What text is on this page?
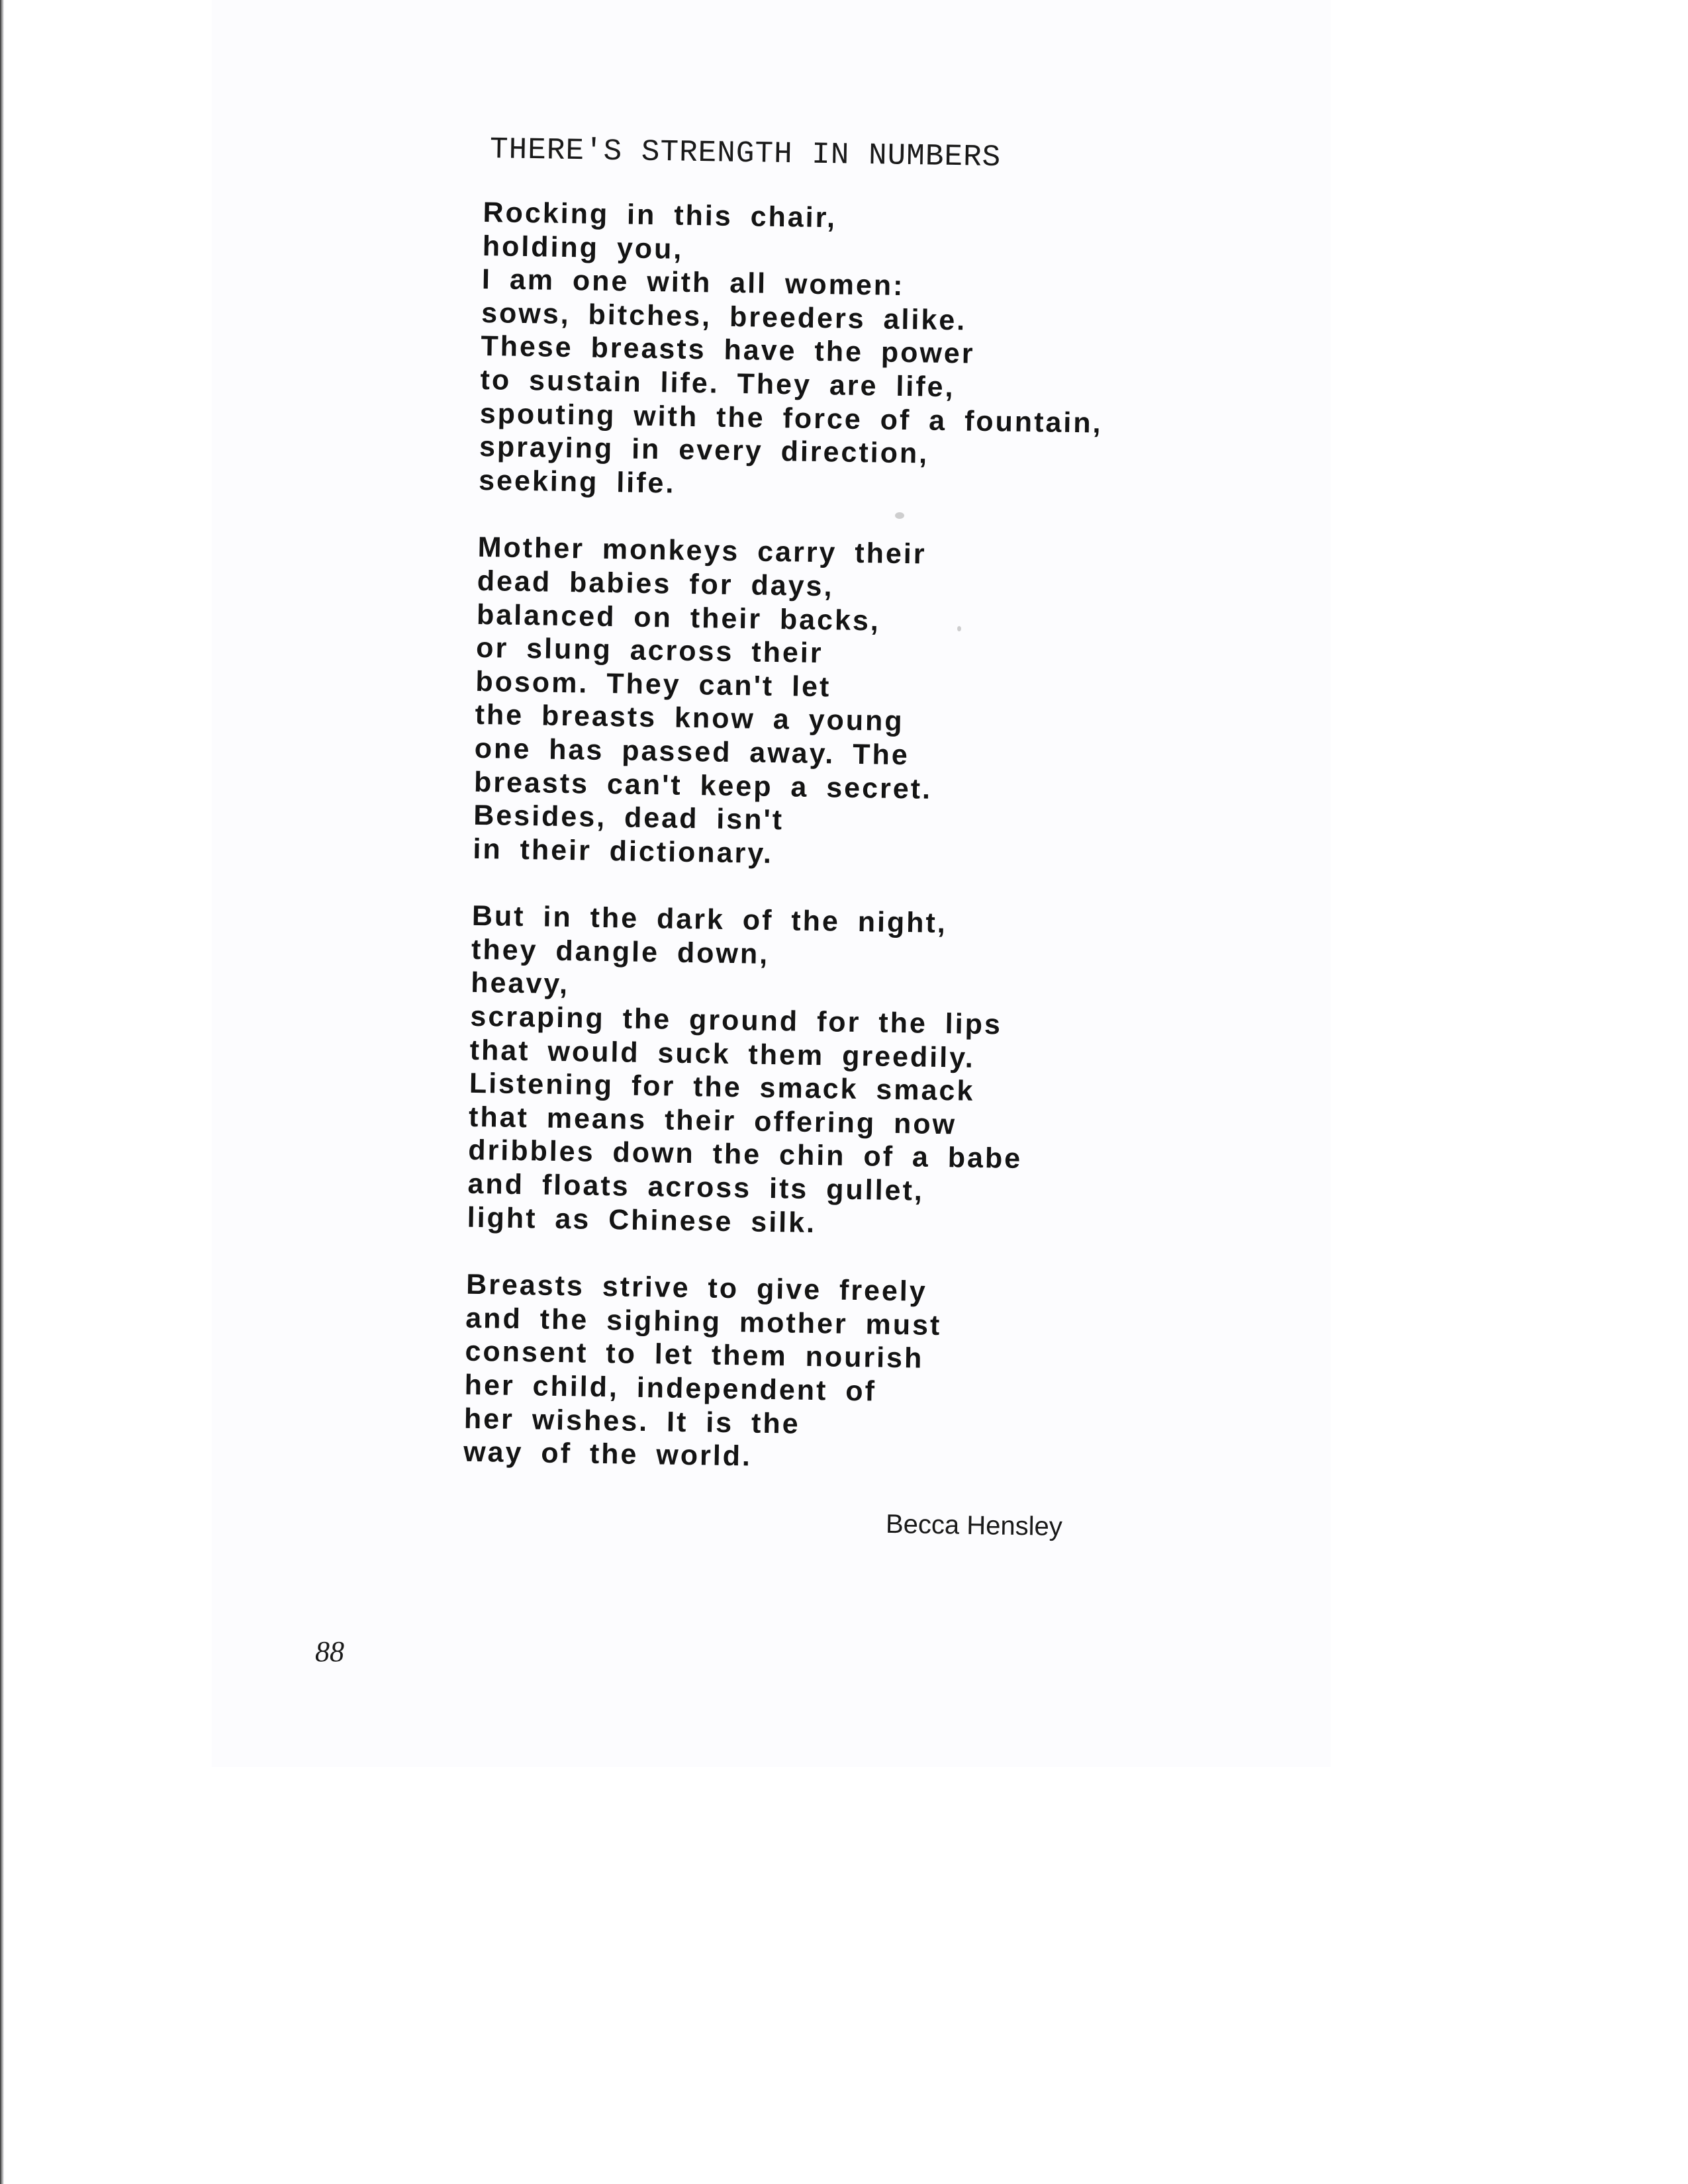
THERE'S STRENGTH IN NUMBERS
Rocking in this chair,
holding you,
I am one with all women:
sows, bitches, breeders alike.
These breasts have the power
to sustain life. They are life,
spouting with the force of a fountain,
spraying in every direction,
seeking life.
Mother monkeys carry their
dead babies for days,
balanced on their backs,
or slung across their
bosom. They can't let
the breasts know a young
one has passed away. The
breasts can't keep a secret.
Besides, dead isn't
in their dictionary.
But in the dark of the night,
they dangle down,
heavy,
scraping the ground for the lips
that would suck them greedily.
Listening for the smack smack
that means their offering now
dribbles down the chin of a babe
and floats across its gullet,
light as Chinese silk.
Breasts strive to give freely
and the sighing mother must
consent to let them nourish
her child, independent of
her wishes. It is the
way of the world.
Becca Hensley
88
